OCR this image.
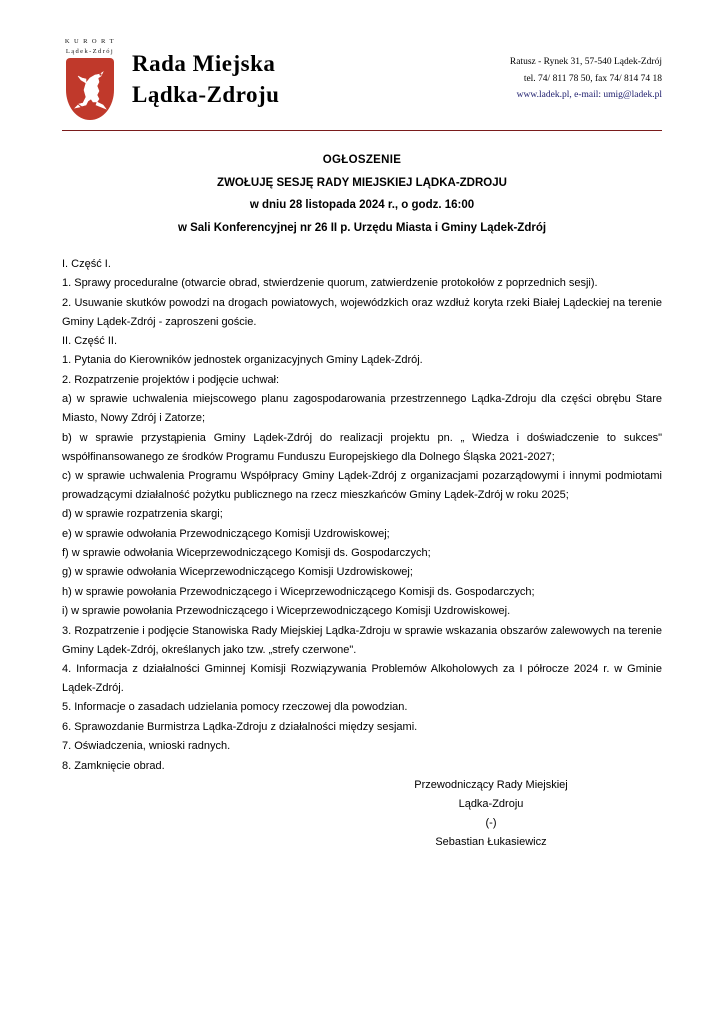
K U R O R T
Lądek-Zdrój Rada Miejska
Lądka-Zdroju
Ratusz - Rynek 31, 57-540 Lądek-Zdrój
tel. 74/ 811 78 50, fax 74/ 814 74 18
www.ladek.pl, e-mail: umig@ladek.pl
OGŁOSZENIE
ZWOŁUJĘ SESJĘ RADY MIEJSKIEJ LĄDKA-ZDROJU
w dniu 28 listopada 2024 r., o godz. 16:00
w Sali Konferencyjnej nr 26 II p. Urzędu Miasta i Gminy Lądek-Zdrój

I. Część I.

1. Sprawy proceduralne (otwarcie obrad, stwierdzenie quorum, zatwierdzenie protokołów z poprzednich sesji).

2. Usuwanie skutków powodzi na drogach powiatowych, wojewódzkich oraz wzdłuż koryta rzeki Białej Lądeckiej na terenie Gminy Lądek-Zdrój - zaproszeni goście.

II. Część II.

1. Pytania do Kierowników jednostek organizacyjnych Gminy Lądek-Zdrój.

2. Rozpatrzenie projektów i podjęcie uchwał:

a) w sprawie uchwalenia miejscowego planu zagospodarowania przestrzennego Lądka-Zdroju dla części obrębu Stare Miasto, Nowy Zdrój i Zatorze;

b) w sprawie przystąpienia Gminy Lądek-Zdrój do realizacji projektu pn. „ Wiedza i doświadczenie to sukces" współfinansowanego ze środków Programu Funduszu Europejskiego dla Dolnego Śląska 2021-2027;

c) w sprawie uchwalenia Programu Współpracy Gminy Lądek-Zdrój z organizacjami pozarządowymi i innymi podmiotami prowadzącymi działalność pożytku publicznego na rzecz mieszkańców Gminy Lądek-Zdrój w roku 2025;

d) w sprawie rozpatrzenia skargi;

e) w sprawie odwołania Przewodniczącego Komisji Uzdrowiskowej;

f) w sprawie odwołania Wiceprzewodniczącego Komisji ds. Gospodarczych;

g) w sprawie odwołania Wiceprzewodniczącego Komisji Uzdrowiskowej;

h) w sprawie powołania Przewodniczącego i Wiceprzewodniczącego Komisji ds. Gospodarczych;

i) w sprawie powołania Przewodniczącego i Wiceprzewodniczącego Komisji Uzdrowiskowej.

3. Rozpatrzenie i podjęcie Stanowiska Rady Miejskiej Lądka-Zdroju w sprawie wskazania obszarów zalewowych na terenie Gminy Lądek-Zdrój, określanych jako tzw. „strefy czerwone".

4. Informacja z działalności Gminnej Komisji Rozwiązywania Problemów Alkoholowych za I półrocze 2024 r. w Gminie Lądek-Zdrój.

5. Informacje o zasadach udzielania pomocy rzeczowej dla powodzian.

6. Sprawozdanie Burmistrza Lądka-Zdroju z działalności między sesjami.

7. Oświadczenia, wnioski radnych.

8. Zamknięcie obrad.

Przewodniczący Rady Miejskiej
Lądka-Zdroju
(-)
Sebastian Łukasiewicz
